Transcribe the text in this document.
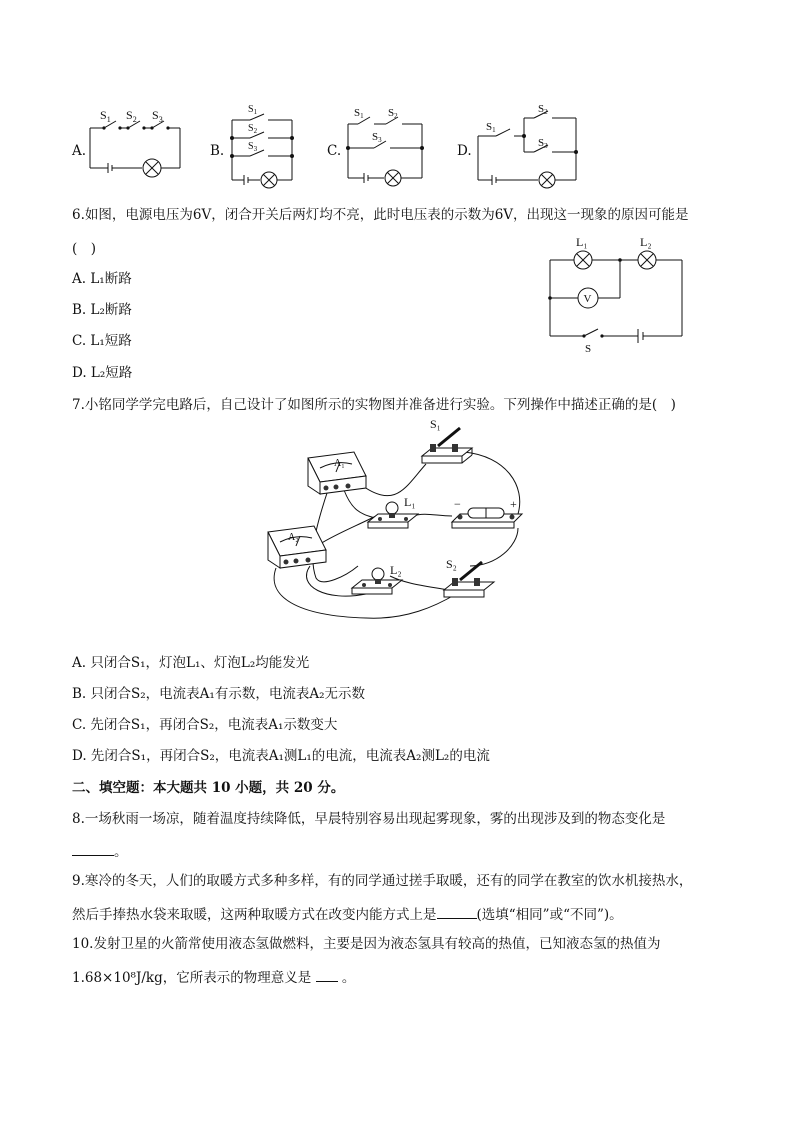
A.
$S_1$ $S_2$ $S_3$
B.
$S_1$
$S_2$
$S_3$	C.
S1 S2
S3
D.
S1
S2
S3
6.如图，电源电压为6V，闭合开关后两灯均不亮，此时电压表的示数为6V，出现这一现象的原因可能是
(　)
A. L₁断路
B. L₂断路
C. L₁短路
D. L₂短路
L₁	L₂
V
S
7.小铭同学学完电路后，自己设计了如图所示的实物图并准备进行实验。下列操作中描述正确的是(　)
S₁
A₁
L₁	−	+
A₂
L₂	S₂
A. 只闭合S₁，灯泡L₁、灯泡L₂均能发光
B. 只闭合S₂，电流表A₁有示数，电流表A₂无示数
C. 先闭合S₁，再闭合S₂，电流表A₁示数变大
D. 先闭合S₁，再闭合S₂，电流表A₁测L₁的电流，电流表A₂测L₂的电流
二、填空题：本大题共 10 小题，共 20 分。
8.一场秋雨一场凉，随着温度持续降低，早晨特别容易出现起雾现象，雾的出现涉及到的物态变化是
。
9.寒冷的冬天，人们的取暖方式多种多样，有的同学通过搓手取暖，还有的同学在教室的饮水机接热水，
然后手捧热水袋来取暖，这两种取暖方式在改变内能方式上是	(选填“相同”或“不同”)。
10.发射卫星的火箭常使用液态氢做燃料，主要是因为液态氢具有较高的热值，已知液态氢的热值为
1.68×10⁸J/kg，它所表示的物理意义是 。
